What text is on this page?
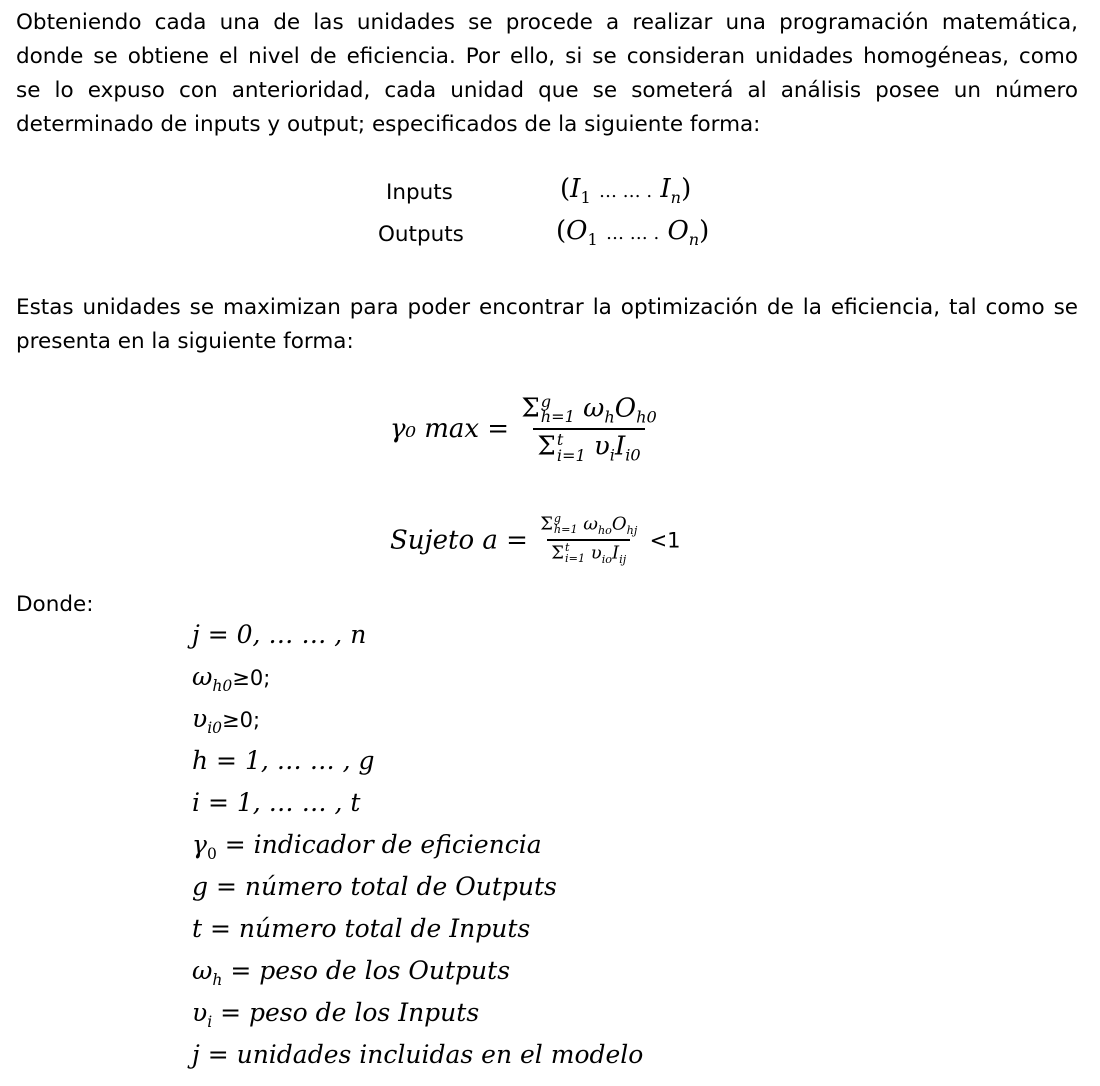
Obteniendo cada una de las unidades se procede a realizar una programación matemática,
donde se obtiene el nivel de eficiencia. Por ello, si se consideran unidades homogéneas, como
se lo expuso con anterioridad, cada unidad que se someterá al análisis posee un número
determinado de inputs y output; especificados de la siguiente forma:
Inputs	($I_1$ … … . $I_n$)
Outputs	($O_1$ … … . $O_n$)
Estas unidades se maximizan para poder encontrar la optimización de la eficiencia, tal como se
presenta en la siguiente forma:
γ₀ max = Σ g
h=1 $\omega_hO_{h0}$
Σ t
i=1 $\upsilon_iI_{i0}$
Sujeto a = Σ g
h=1 $\omega_{ho}O_{hj}$
Σ t
i=1 $\upsilon_{io}I_{ij} <1$
Donde:
j = 0, … … , n
$\omega_{h0}\ge 0$;
$\upsilon_{i0}\ge 0$;
h = 1, … … , g
i = 1, … … , t
$\gamma_0$ = indicador de eficiencia
g = número total de Outputs
t = número total de Inputs
$\omega_h$ = peso de los Outputs
$\upsilon_i$ = peso de los Inputs
j = unidades incluidas en el modelo
